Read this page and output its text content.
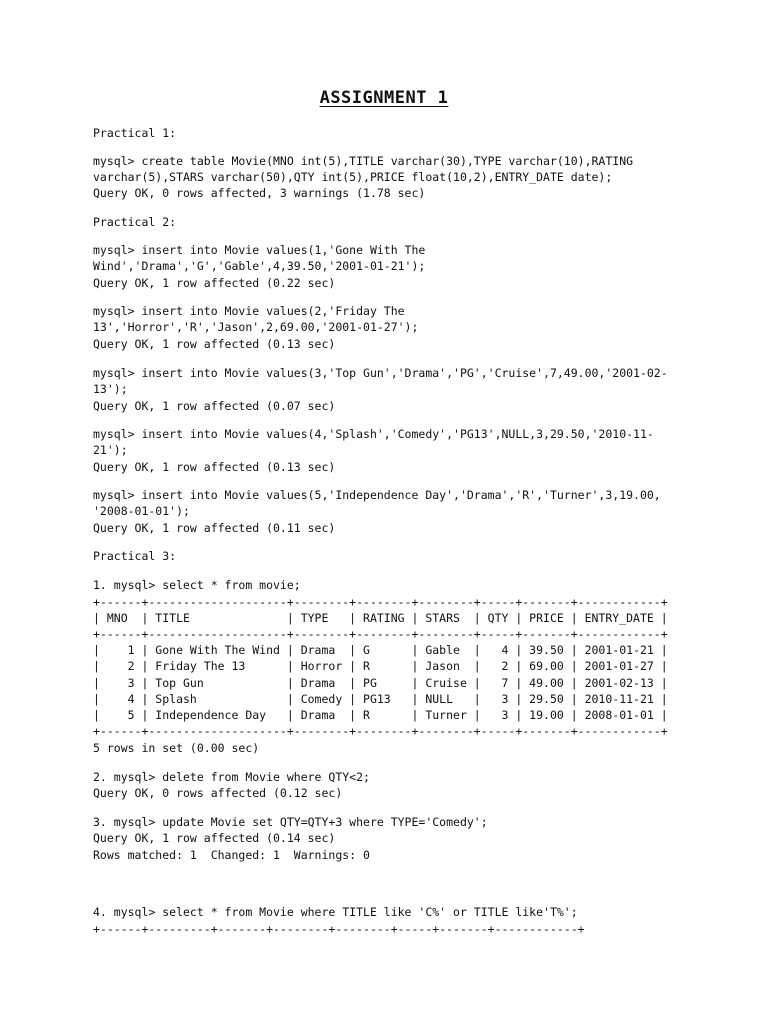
ASSIGNMENT 1

Practical 1:

mysql> create table Movie(MNO int(5),TITLE varchar(30),TYPE varchar(10),RATING

varchar(5),STARS varchar(50),QTY int(5),PRICE float(10,2),ENTRY_DATE date);

Query OK, 0 rows affected, 3 warnings (1.78 sec)

Practical 2:

mysql> insert into Movie values(1,'Gone With The

Wind','Drama','G','Gable',4,39.50,'2001-01-21');

Query OK, 1 row affected (0.22 sec)

mysql> insert into Movie values(2,'Friday The

13','Horror','R','Jason',2,69.00,'2001-01-27');

Query OK, 1 row affected (0.13 sec)

mysql> insert into Movie values(3,'Top Gun','Drama','PG','Cruise',7,49.00,'2001-02-

13');

Query OK, 1 row affected (0.07 sec)

mysql> insert into Movie values(4,'Splash','Comedy','PG13',NULL,3,29.50,'2010-11-

21');

Query OK, 1 row affected (0.13 sec)

mysql> insert into Movie values(5,'Independence Day','Drama','R','Turner',3,19.00,

'2008-01-01');

Query OK, 1 row affected (0.11 sec)

Practical 3:

1. mysql> select * from movie;

+------+--------------------+--------+--------+--------+-----+-------+------------+

| MNO  | TITLE              | TYPE   | RATING | STARS  | QTY | PRICE | ENTRY_DATE |

+------+--------------------+--------+--------+--------+-----+-------+------------+

|    1 | Gone With The Wind | Drama  | G      | Gable  |   4 | 39.50 | 2001-01-21 |

|    2 | Friday The 13      | Horror | R      | Jason  |   2 | 69.00 | 2001-01-27 |

|    3 | Top Gun            | Drama  | PG     | Cruise |   7 | 49.00 | 2001-02-13 |

|    4 | Splash             | Comedy | PG13   | NULL   |   3 | 29.50 | 2010-11-21 |

|    5 | Independence Day   | Drama  | R      | Turner |   3 | 19.00 | 2008-01-01 |

+------+--------------------+--------+--------+--------+-----+-------+------------+

5 rows in set (0.00 sec)

2. mysql> delete from Movie where QTY<2;

Query OK, 0 rows affected (0.12 sec)

3. mysql> update Movie set QTY=QTY+3 where TYPE='Comedy';

Query OK, 1 row affected (0.14 sec)

Rows matched: 1  Changed: 1  Warnings: 0

4. mysql> select * from Movie where TITLE like 'C%' or TITLE like'T%';

+------+---------+-------+--------+--------+-----+-------+------------+
